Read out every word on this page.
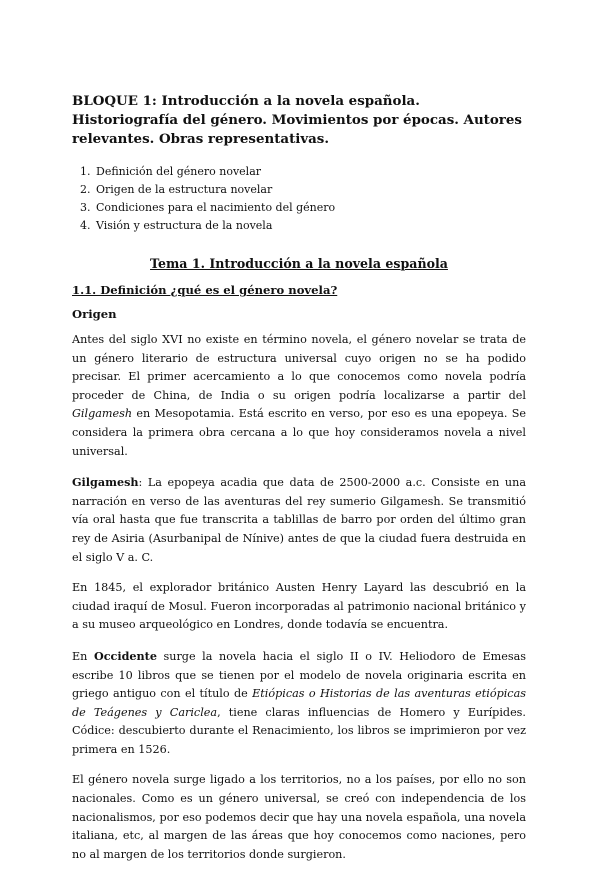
BLOQUE 1: Introducción a la novela española. Historiografía del género. Movimientos por épocas. Autores relevantes. Obras representativas.
1. Definición del género novelar
2. Origen de la estructura novelar
3. Condiciones para el nacimiento del género
4. Visión y estructura de la novela
Tema 1. Introducción a la novela española
1.1. Definición ¿qué es el género novela?
Origen

Antes del siglo XVI no existe en término novela, el género novelar se trata de un género literario de estructura universal cuyo origen no se ha podido precisar. El primer acercamiento a lo que conocemos como novela podría proceder de China, de India o su origen podría localizarse a partir del Gilgamesh en Mesopotamia. Está escrito en verso, por eso es una epopeya. Se considera la primera obra cercana a lo que hoy consideramos novela a nivel universal.

Gilgamesh: La epopeya acadia que data de 2500-2000 a.c. Consiste en una narración en verso de las aventuras del rey sumerio Gilgamesh. Se transmitió vía oral hasta que fue transcrita a tablillas de barro por orden del último gran rey de Asiria (Asurbanipal de Nínive) antes de que la ciudad fuera destruida en el siglo V a. C.

En 1845, el explorador británico Austen Henry Layard las descubrió en la ciudad iraquí de Mosul. Fueron incorporadas al patrimonio nacional británico y a su museo arqueológico en Londres, donde todavía se encuentra.

En Occidente surge la novela hacia el siglo II o IV. Heliodoro de Emesas escribe 10 libros que se tienen por el modelo de novela originaria escrita en griego antiguo con el título de Etiópicas o Historias de las aventuras etiópicas de Teágenes y Cariclea, tiene claras influencias de Homero y Eurípides. Códice: descubierto durante el Renacimiento, los libros se imprimieron por vez primera en 1526.

El género novela surge ligado a los territorios, no a los países, por ello no son nacionales. Como es un género universal, se creó con independencia de los nacionalismos, por eso podemos decir que hay una novela española, una novela italiana, etc, al margen de las áreas que hoy conocemos como naciones, pero no al margen de los territorios donde surgieron.
